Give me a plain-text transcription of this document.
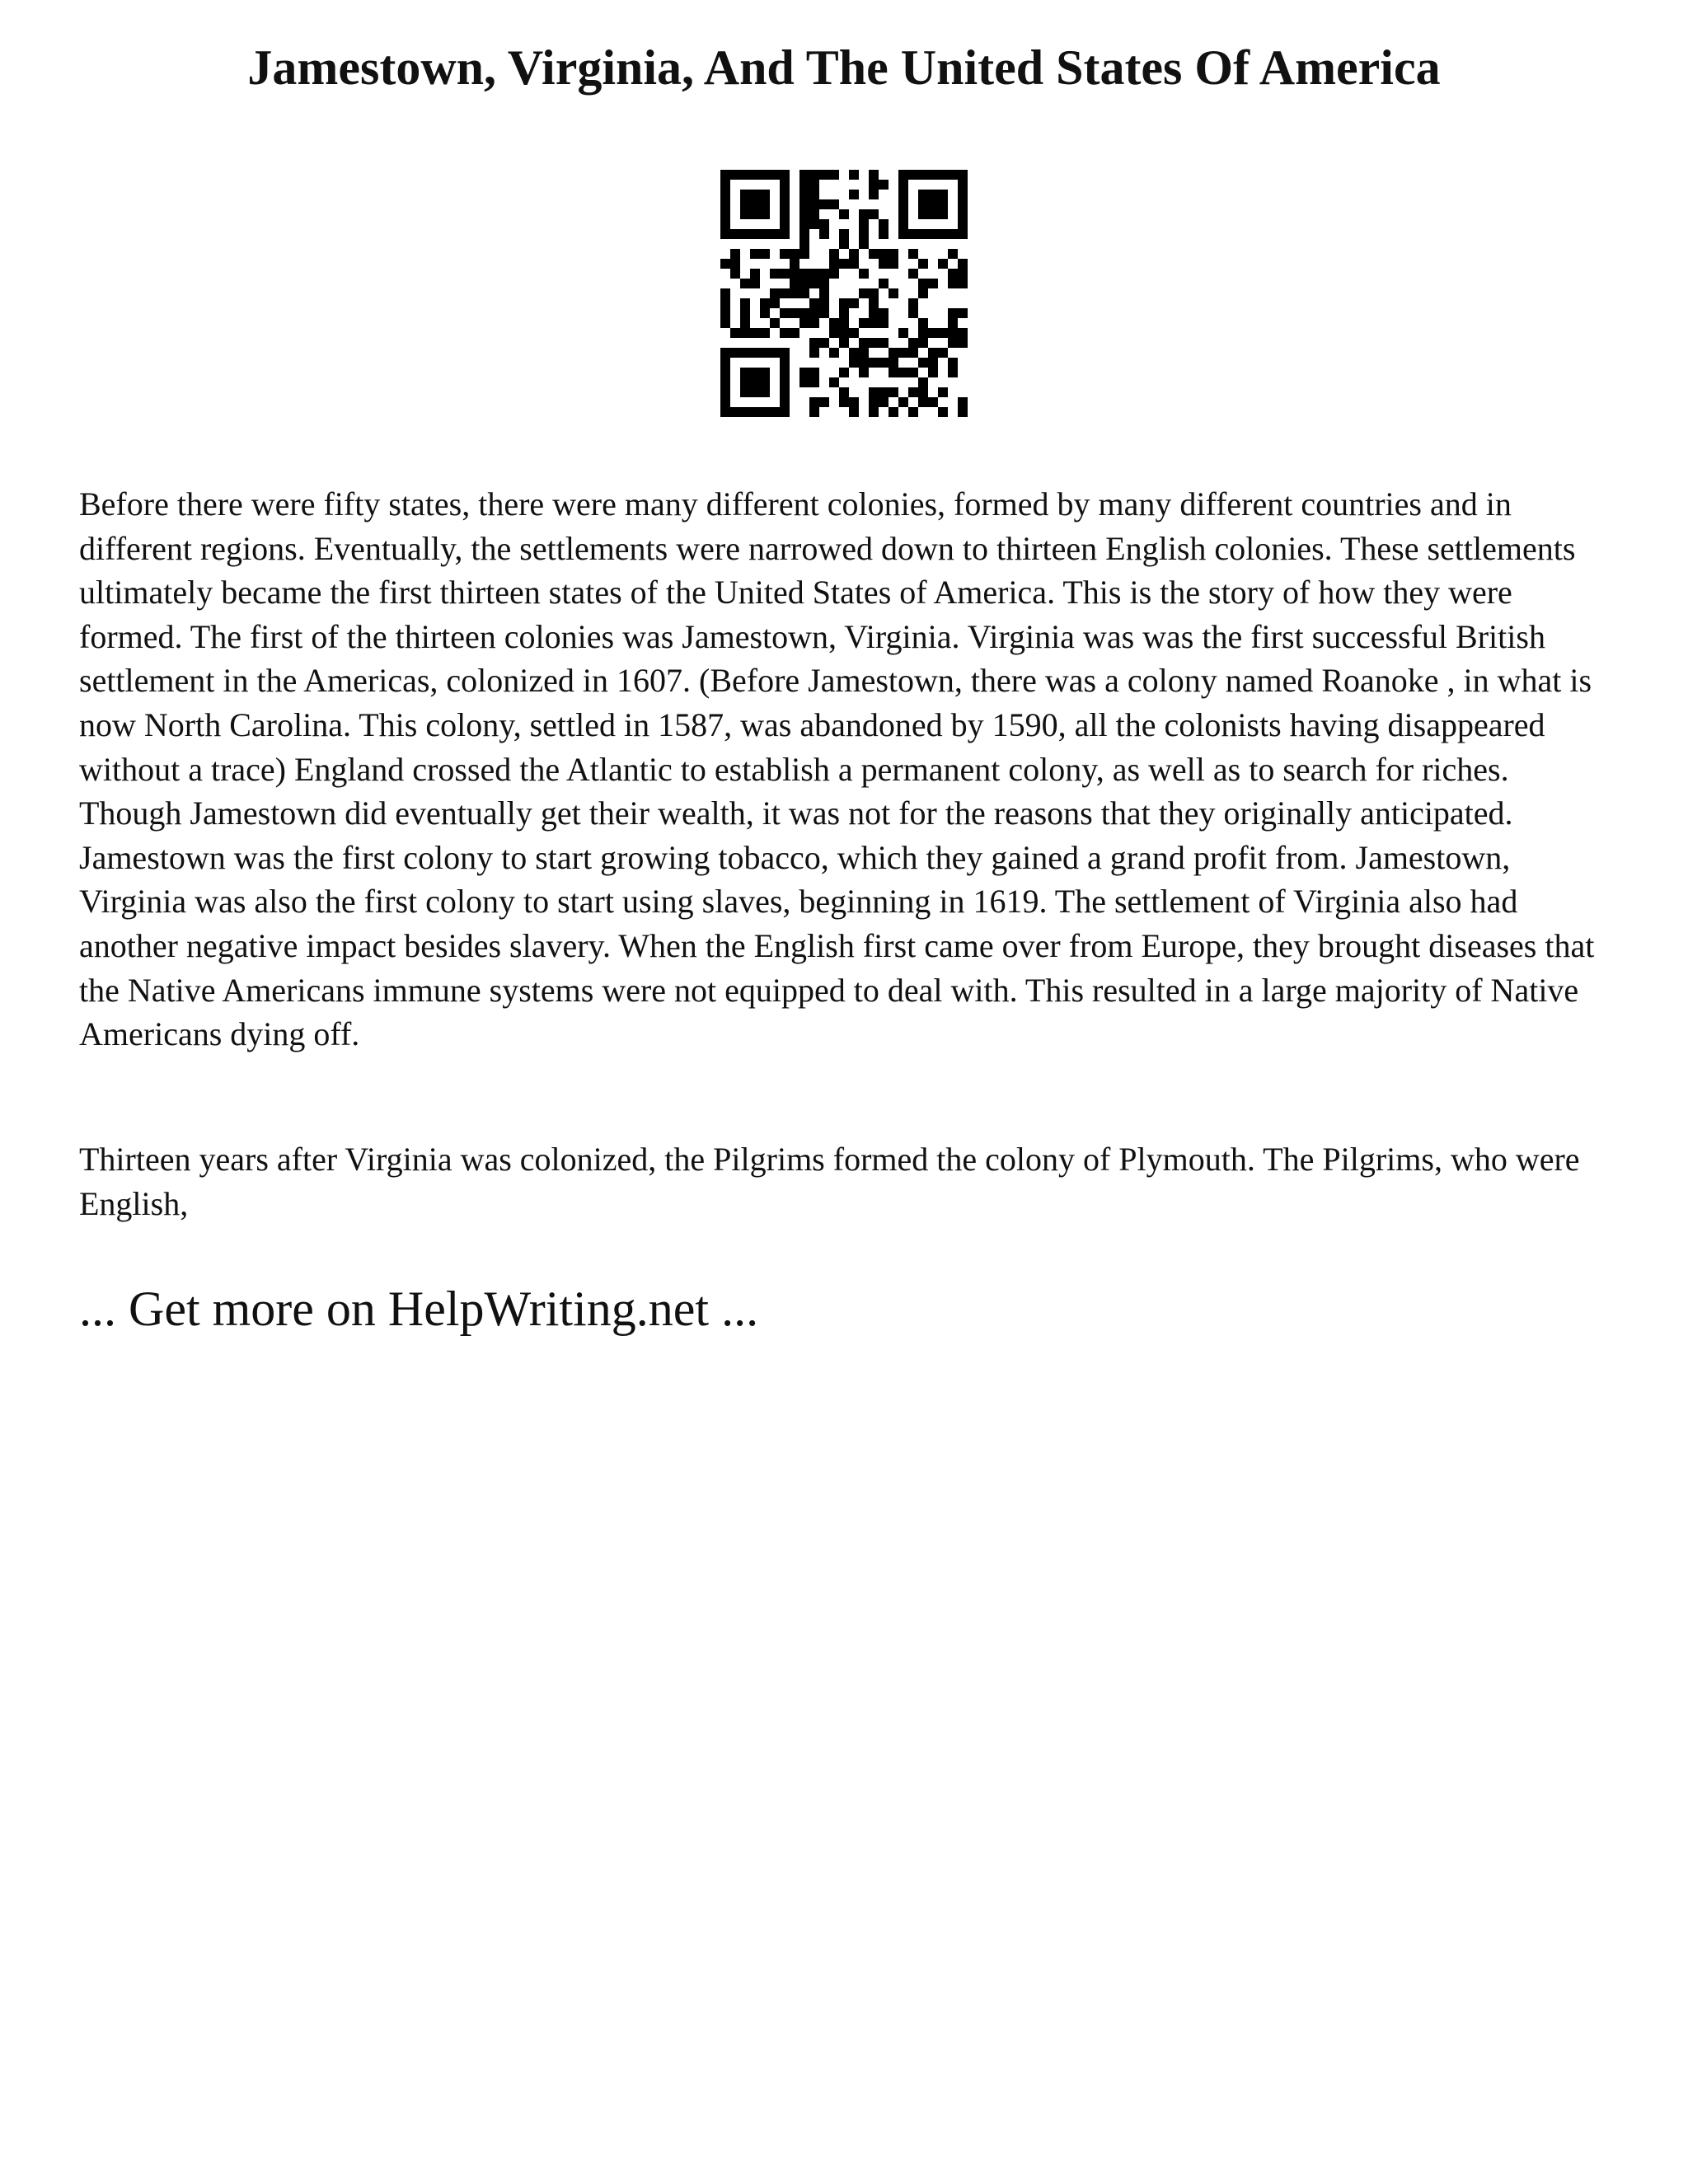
Jamestown, Virginia, And The United States Of America

Before there were fifty states, there were many different colonies, formed by many different countries and in different regions. Eventually, the settlements were narrowed down to thirteen English colonies. These settlements ultimately became the first thirteen states of the United States of America. This is the story of how they were formed. The first of the thirteen colonies was Jamestown, Virginia. Virginia was was the first successful British settlement in the Americas, colonized in 1607. (Before Jamestown, there was a colony named Roanoke , in what is now North Carolina. This colony, settled in 1587, was abandoned by 1590, all the colonists having disappeared without a trace) England crossed the Atlantic to establish a permanent colony, as well as to search for riches. Though Jamestown did eventually get their wealth, it was not for the reasons that they originally anticipated. Jamestown was the first colony to start growing tobacco, which they gained a grand profit from. Jamestown, Virginia was also the first colony to start using slaves, beginning in 1619. The settlement of Virginia also had another negative impact besides slavery. When the English first came over from Europe, they brought diseases that the Native Americans immune systems were not equipped to deal with. This resulted in a large majority of Native Americans dying off.

Thirteen years after Virginia was colonized, the Pilgrims formed the colony of Plymouth. The Pilgrims, who were English,

... Get more on HelpWriting.net ...
